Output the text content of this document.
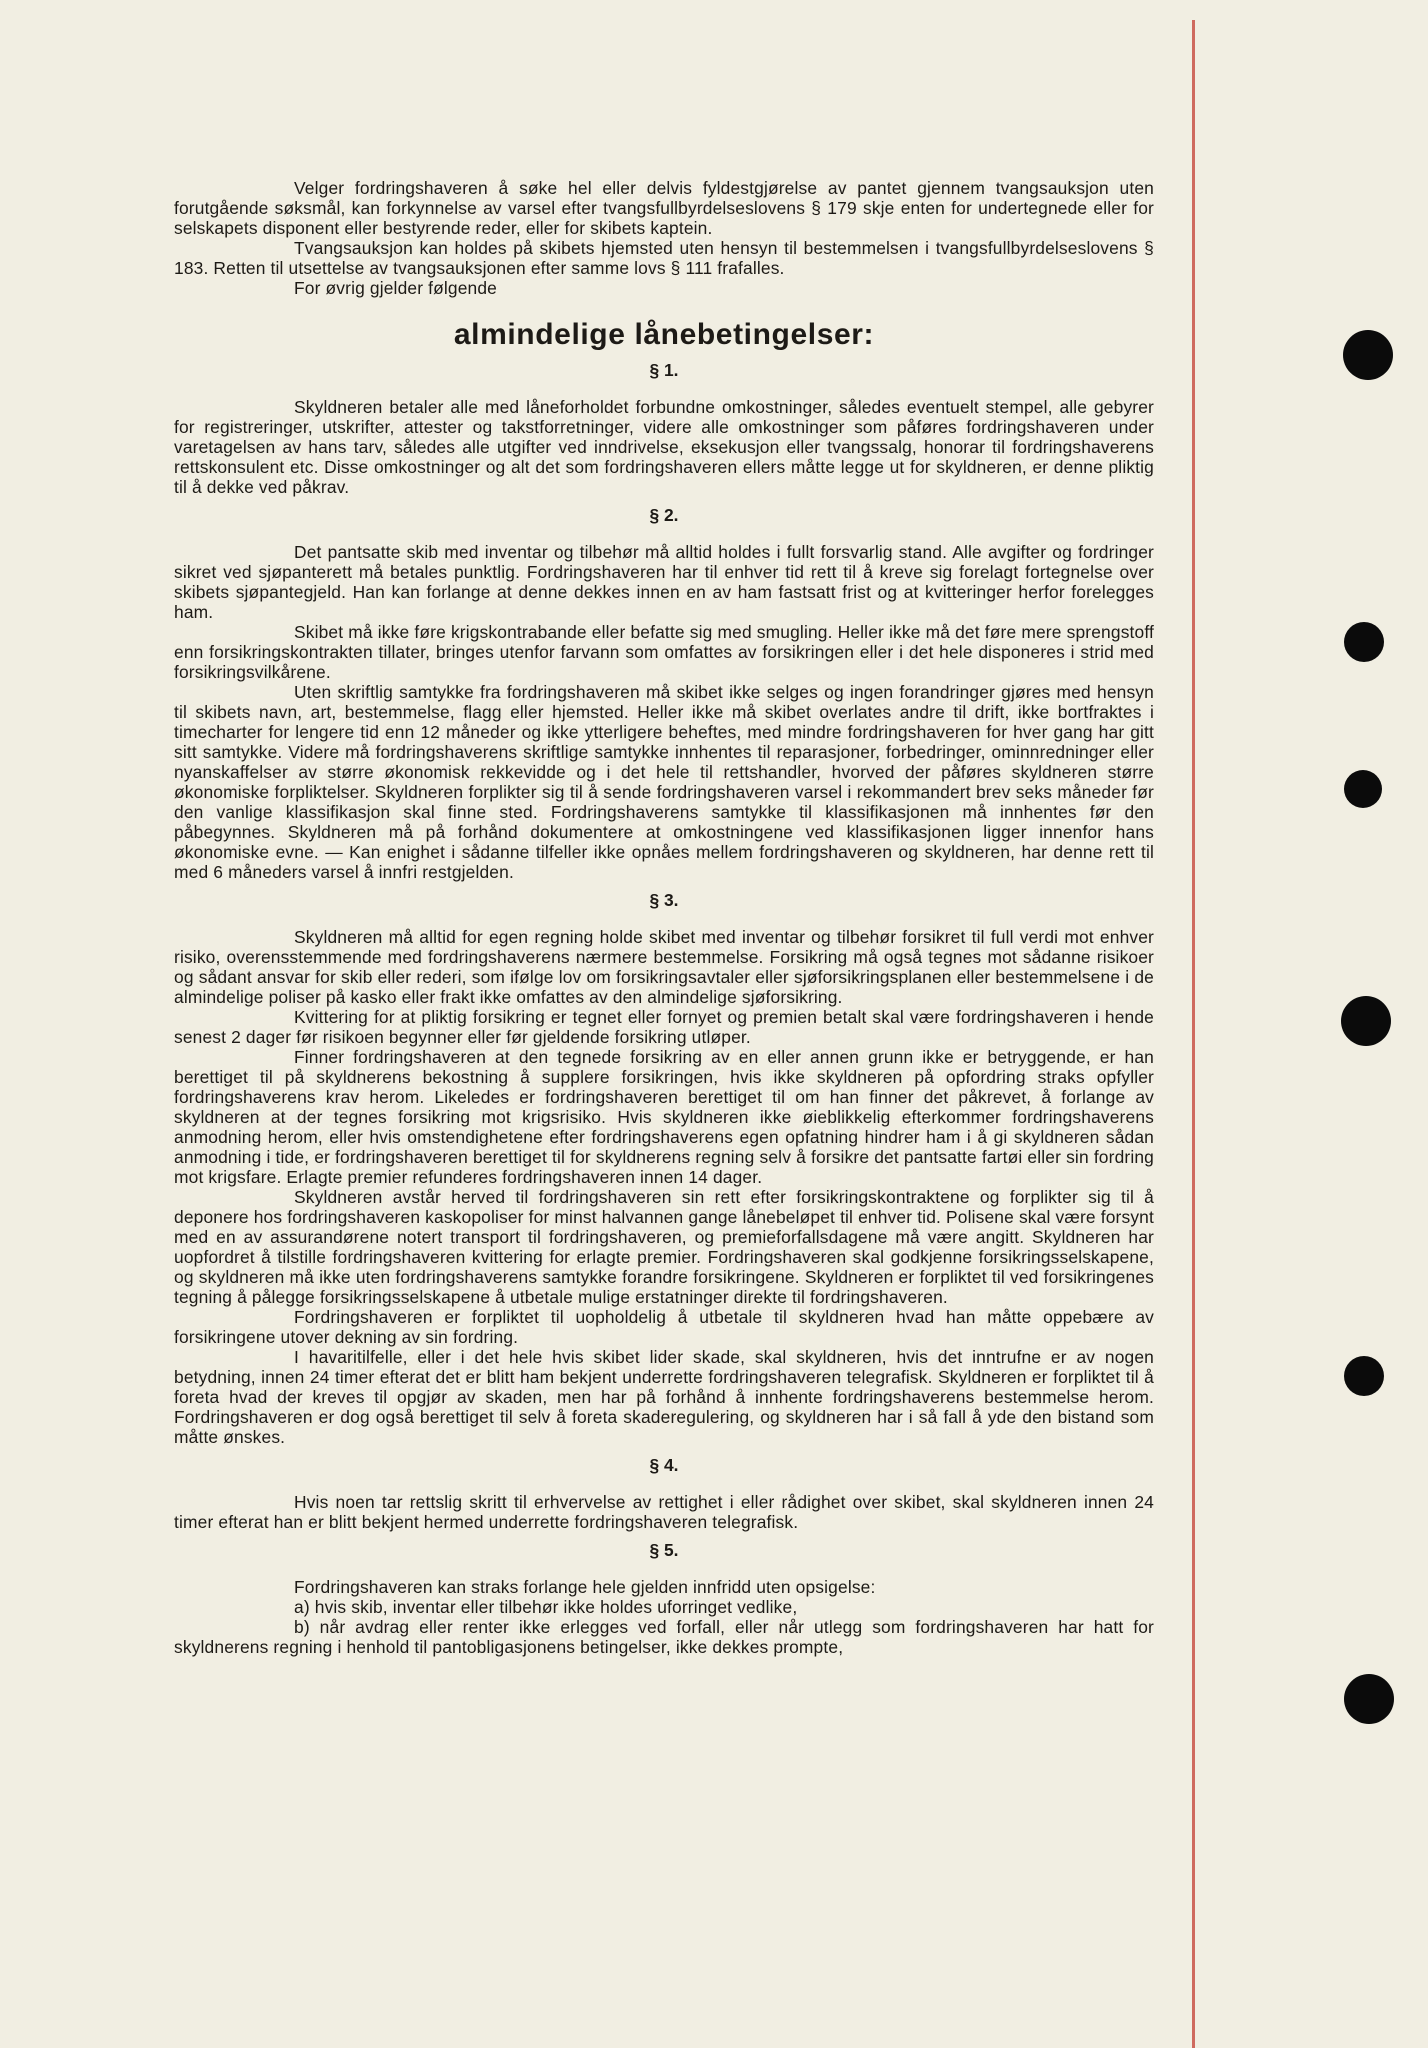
Velger fordringshaveren å søke hel eller delvis fyldestgjørelse av pantet gjennem tvangsauksjon uten forutgående søksmål, kan forkynnelse av varsel efter tvangsfullbyrdelseslovens § 179 skje enten for undertegnede eller for selskapets disponent eller bestyrende reder, eller for skibets kaptein.

Tvangsauksjon kan holdes på skibets hjemsted uten hensyn til bestemmelsen i tvangsfullbyrdelseslovens § 183. Retten til utsettelse av tvangsauksjonen efter samme lovs § 111 frafalles.

For øvrig gjelder følgende

almindelige lånebetingelser:
§ 1.

Skyldneren betaler alle med låneforholdet forbundne omkostninger, således eventuelt stempel, alle gebyrer for registreringer, utskrifter, attester og takstforretninger, videre alle omkostninger som påføres fordringshaveren under varetagelsen av hans tarv, således alle utgifter ved inndrivelse, eksekusjon eller tvangssalg, honorar til fordringshaverens rettskonsulent etc. Disse omkostninger og alt det som fordringshaveren ellers måtte legge ut for skyldneren, er denne pliktig til å dekke ved påkrav.

§ 2.

Det pantsatte skib med inventar og tilbehør må alltid holdes i fullt forsvarlig stand. Alle avgifter og fordringer sikret ved sjøpanterett må betales punktlig. Fordringshaveren har til enhver tid rett til å kreve sig forelagt fortegnelse over skibets sjøpantegjeld. Han kan forlange at denne dekkes innen en av ham fastsatt frist og at kvitteringer herfor forelegges ham.

Skibet må ikke føre krigskontrabande eller befatte sig med smugling. Heller ikke må det føre mere sprengstoff enn forsikringskontrakten tillater, bringes utenfor farvann som omfattes av forsikringen eller i det hele disponeres i strid med forsikringsvilkårene.

Uten skriftlig samtykke fra fordringshaveren må skibet ikke selges og ingen forandringer gjøres med hensyn til skibets navn, art, bestemmelse, flagg eller hjemsted. Heller ikke må skibet overlates andre til drift, ikke bortfraktes i timecharter for lengere tid enn 12 måneder og ikke ytterligere beheftes, med mindre fordringshaveren for hver gang har gitt sitt samtykke. Videre må fordringshaverens skriftlige samtykke innhentes til reparasjoner, forbedringer, ominnredninger eller nyanskaffelser av større økonomisk rekkevidde og i det hele til rettshandler, hvorved der påføres skyldneren større økonomiske forpliktelser. Skyldneren forplikter sig til å sende fordringshaveren varsel i rekommandert brev seks måneder før den vanlige klassifikasjon skal finne sted. Fordringshaverens samtykke til klassifikasjonen må innhentes før den påbegynnes. Skyldneren må på forhånd dokumentere at omkostningene ved klassifikasjonen ligger innenfor hans økonomiske evne. — Kan enighet i sådanne tilfeller ikke opnåes mellem fordringshaveren og skyldneren, har denne rett til med 6 måneders varsel å innfri restgjelden.

§ 3.

Skyldneren må alltid for egen regning holde skibet med inventar og tilbehør forsikret til full verdi mot enhver risiko, overensstemmende med fordringshaverens nærmere bestemmelse. Forsikring må også tegnes mot sådanne risikoer og sådant ansvar for skib eller rederi, som ifølge lov om forsikringsavtaler eller sjøforsikringsplanen eller bestemmelsene i de almindelige poliser på kasko eller frakt ikke omfattes av den almindelige sjøforsikring.

Kvittering for at pliktig forsikring er tegnet eller fornyet og premien betalt skal være fordringshaveren i hende senest 2 dager før risikoen begynner eller før gjeldende forsikring utløper.

Finner fordringshaveren at den tegnede forsikring av en eller annen grunn ikke er betryggende, er han berettiget til på skyldnerens bekostning å supplere forsikringen, hvis ikke skyldneren på opfordring straks opfyller fordringshaverens krav herom. Likeledes er fordringshaveren berettiget til om han finner det påkrevet, å forlange av skyldneren at der tegnes forsikring mot krigsrisiko. Hvis skyldneren ikke øieblikkelig efterkommer fordringshaverens anmodning herom, eller hvis omstendighetene efter fordringshaverens egen opfatning hindrer ham i å gi skyldneren sådan anmodning i tide, er fordringshaveren berettiget til for skyldnerens regning selv å forsikre det pantsatte fartøi eller sin fordring mot krigsfare. Erlagte premier refunderes fordringshaveren innen 14 dager.

Skyldneren avstår herved til fordringshaveren sin rett efter forsikringskontraktene og forplikter sig til å deponere hos fordringshaveren kaskopoliser for minst halvannen gange lånebeløpet til enhver tid. Polisene skal være forsynt med en av assurandørene notert transport til fordringshaveren, og premieforfallsdagene må være angitt. Skyldneren har uopfordret å tilstille fordringshaveren kvittering for erlagte premier. Fordringshaveren skal godkjenne forsikringsselskapene, og skyldneren må ikke uten fordringshaverens samtykke forandre forsikringene. Skyldneren er forpliktet til ved forsikringenes tegning å pålegge forsikringsselskapene å utbetale mulige erstatninger direkte til fordringshaveren.

Fordringshaveren er forpliktet til uopholdelig å utbetale til skyldneren hvad han måtte oppebære av forsikringene utover dekning av sin fordring.

I havaritilfelle, eller i det hele hvis skibet lider skade, skal skyldneren, hvis det inntrufne er av nogen betydning, innen 24 timer efterat det er blitt ham bekjent underrette fordringshaveren telegrafisk. Skyldneren er forpliktet til å foreta hvad der kreves til opgjør av skaden, men har på forhånd å innhente fordringshaverens bestemmelse herom. Fordringshaveren er dog også berettiget til selv å foreta skaderegulering, og skyldneren har i så fall å yde den bistand som måtte ønskes.

§ 4.

Hvis noen tar rettslig skritt til erhvervelse av rettighet i eller rådighet over skibet, skal skyldneren innen 24 timer efterat han er blitt bekjent hermed underrette fordringshaveren telegrafisk.

§ 5.

Fordringshaveren kan straks forlange hele gjelden innfridd uten opsigelse:

a) hvis skib, inventar eller tilbehør ikke holdes uforringet vedlike,

b) når avdrag eller renter ikke erlegges ved forfall, eller når utlegg som fordringshaveren har hatt for skyldnerens regning i henhold til pantobligasjonens betingelser, ikke dekkes prompte,
